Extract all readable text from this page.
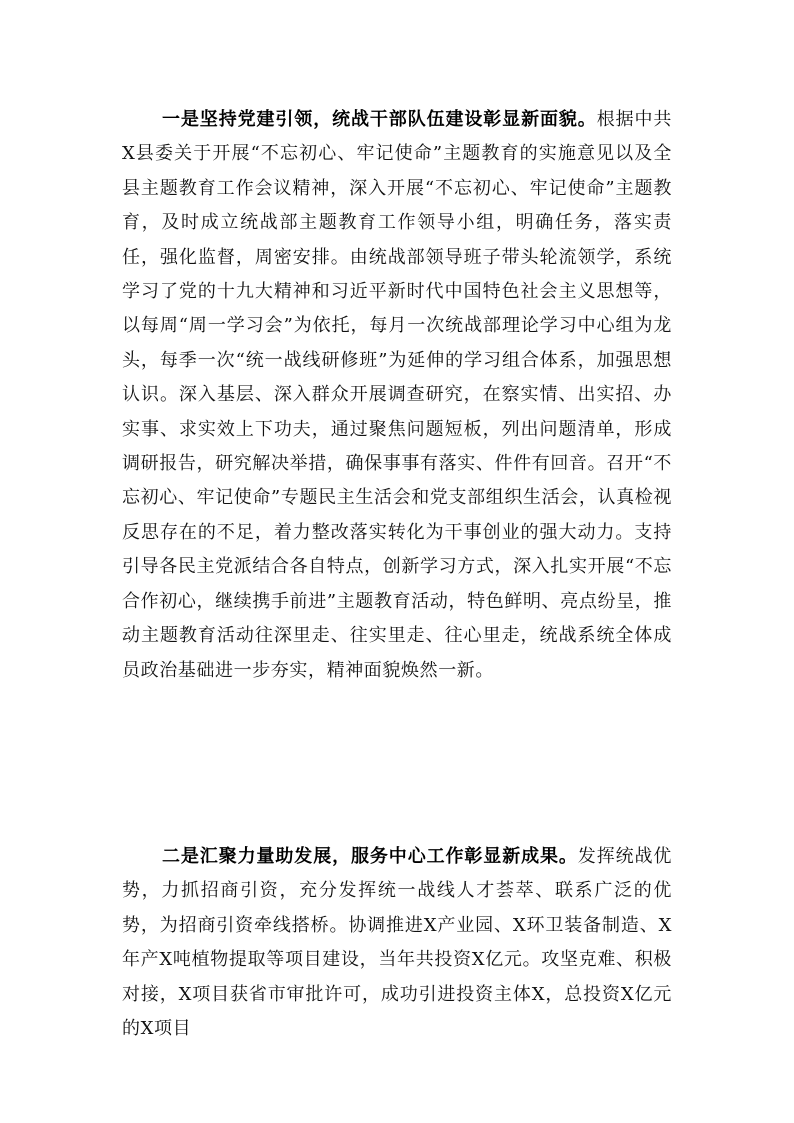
一是坚持党建引领，统战干部队伍建设彰显新面貌。根据中共X县委关于开展“不忘初心、牢记使命”主题教育的实施意见以及全县主题教育工作会议精神，深入开展“不忘初心、牢记使命”主题教育，及时成立统战部主题教育工作领导小组，明确任务，落实责任，强化监督，周密安排。由统战部领导班子带头轮流领学，系统学习了党的十九大精神和习近平新时代中国特色社会主义思想等，以每周“周一学习会”为依托，每月一次统战部理论学习中心组为龙头，每季一次“统一战线研修班”为延伸的学习组合体系，加强思想认识。深入基层、深入群众开展调查研究，在察实情、出实招、办实事、求实效上下功夫，通过聚焦问题短板，列出问题清单，形成调研报告，研究解决举措，确保事事有落实、件件有回音。召开“不忘初心、牢记使命”专题民主生活会和党支部组织生活会，认真检视反思存在的不足，着力整改落实转化为干事创业的强大动力。支持引导各民主党派结合各自特点，创新学习方式，深入扎实开展“不忘合作初心，继续携手前进”主题教育活动，特色鲜明、亮点纷呈，推动主题教育活动往深里走、往实里走、往心里走，统战系统全体成员政治基础进一步夯实，精神面貌焕然一新。

二是汇聚力量助发展，服务中心工作彰显新成果。发挥统战优势，力抓招商引资，充分发挥统一战线人才荟萃、联系广泛的优势，为招商引资牵线搭桥。协调推进X产业园、X环卫装备制造、X年产X吨植物提取等项目建设，当年共投资X亿元。攻坚克难、积极对接，X项目获省市审批许可，成功引进投资主体X，总投资X亿元的X项目
